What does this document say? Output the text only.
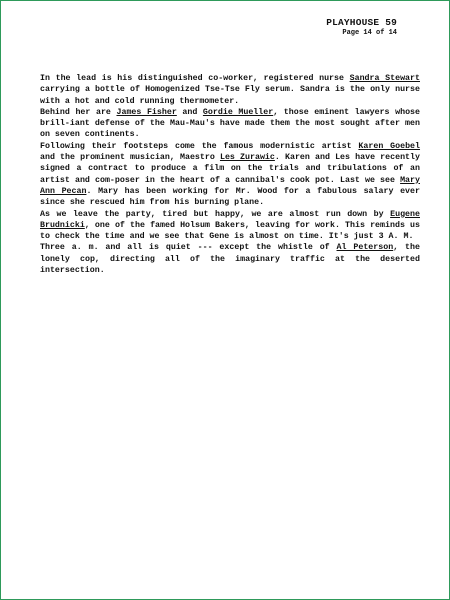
PLAYHOUSE 59
Page 14 of 14

In the lead is his distinguished co-worker, registered nurse Sandra Stewart carrying a bottle of Homogenized Tse-Tse Fly serum. Sandra is the only nurse with a hot and cold running thermometer.

Behind her are James Fisher and Gordie Mueller, those eminent lawyers whose brill-iant defense of the Mau-Mau's have made them the most sought after men on seven continents.

Following their footsteps come the famous modernistic artist Karen Goebel and the prominent musician, Maestro Les Zurawic. Karen and Les have recently signed a contract to produce a film on the trials and tribulations of an artist and com-poser in the heart of a cannibal's cook pot. Last we see Mary Ann Pecan. Mary has been working for Mr. Wood for a fabulous salary ever since she rescued him from his burning plane.

As we leave the party, tired but happy, we are almost run down by Eugene Brudnicki, one of the famed Holsum Bakers, leaving for work. This reminds us to check the time and we see that Gene is almost on time. It's just 3 A. M.

Three a. m. and all is quiet --- except the whistle of Al Peterson, the lonely cop, directing all of the imaginary traffic at the deserted intersection.
